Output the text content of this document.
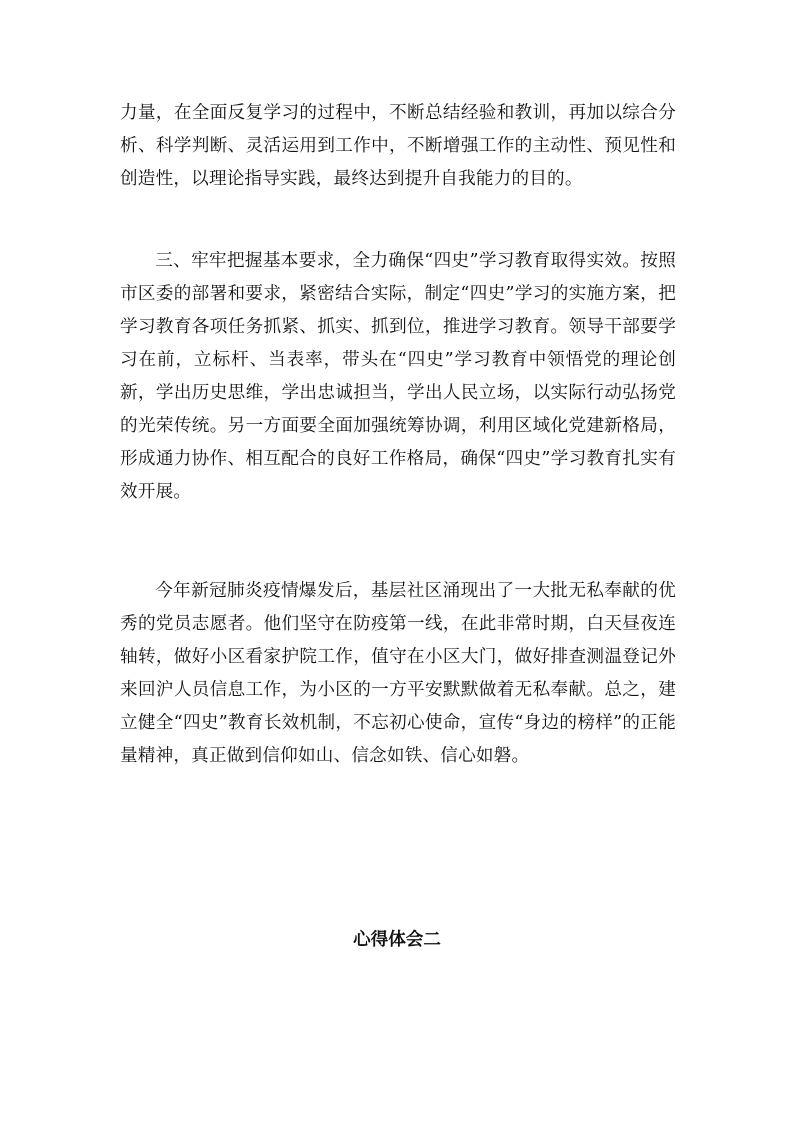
力量，在全面反复学习的过程中，不断总结经验和教训，再加以综合分析、科学判断、灵活运用到工作中，不断增强工作的主动性、预见性和创造性，以理论指导实践，最终达到提升自我能力的目的。

三、牢牢把握基本要求，全力确保“四史”学习教育取得实效。按照市区委的部署和要求，紧密结合实际，制定“四史”学习的实施方案，把学习教育各项任务抓紧、抓实、抓到位，推进学习教育。领导干部要学习在前，立标杆、当表率，带头在“四史”学习教育中领悟党的理论创新，学出历史思维，学出忠诚担当，学出人民立场，以实际行动弘扬党的光荣传统。另一方面要全面加强统筹协调，利用区域化党建新格局，形成通力协作、相互配合的良好工作格局，确保“四史”学习教育扎实有效开展。

今年新冠肺炎疫情爆发后，基层社区涌现出了一大批无私奉献的优秀的党员志愿者。他们坚守在防疫第一线，在此非常时期，白天昼夜连轴转，做好小区看家护院工作，值守在小区大门，做好排查测温登记外来回沪人员信息工作，为小区的一方平安默默做着无私奉献。总之，建立健全“四史”教育长效机制，不忘初心使命，宣传“身边的榜样”的正能量精神，真正做到信仰如山、信念如铁、信心如磐。

心得体会二
